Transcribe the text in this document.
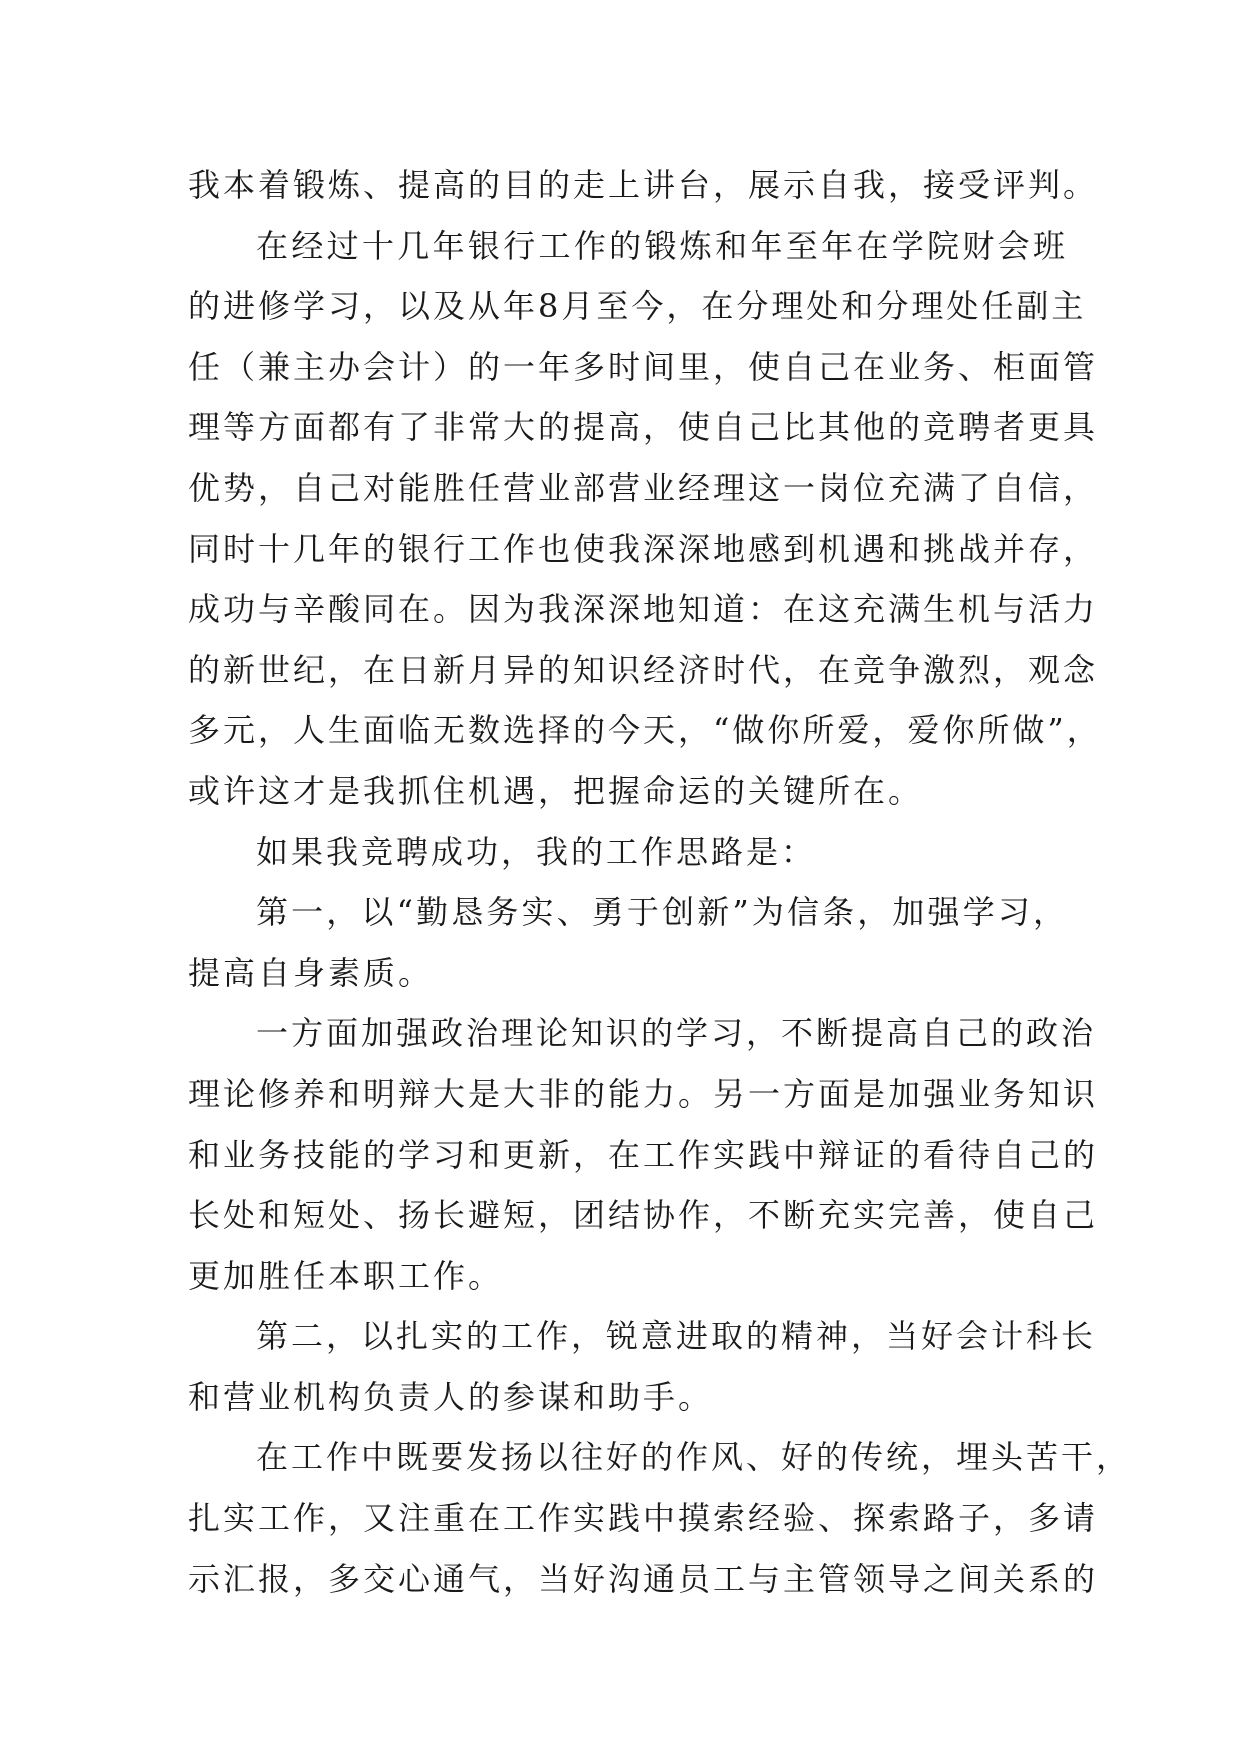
我本着锻炼、提高的目的走上讲台，展示自我，接受评判。
在经过十几年银行工作的锻炼和年至年在学院财会班
的进修学习，以及从年8月至今，在分理处和分理处任副主
任（兼主办会计）的一年多时间里，使自己在业务、柜面管
理等方面都有了非常大的提高，使自己比其他的竞聘者更具
优势，自己对能胜任营业部营业经理这一岗位充满了自信，
同时十几年的银行工作也使我深深地感到机遇和挑战并存，
成功与辛酸同在。因为我深深地知道：在这充满生机与活力
的新世纪，在日新月异的知识经济时代，在竞争激烈，观念
多元，人生面临无数选择的今天，“做你所爱，爱你所做”，
或许这才是我抓住机遇，把握命运的关键所在。
如果我竞聘成功，我的工作思路是：
第一，以“勤恳务实、勇于创新”为信条，加强学习，
提高自身素质。
一方面加强政治理论知识的学习，不断提高自己的政治
理论修养和明辩大是大非的能力。另一方面是加强业务知识
和业务技能的学习和更新，在工作实践中辩证的看待自己的
长处和短处、扬长避短，团结协作，不断充实完善，使自己
更加胜任本职工作。
第二，以扎实的工作，锐意进取的精神，当好会计科长
和营业机构负责人的参谋和助手。
在工作中既要发扬以往好的作风、好的传统，埋头苦干，
扎实工作，又注重在工作实践中摸索经验、探索路子，多请
示汇报，多交心通气，当好沟通员工与主管领导之间关系的
